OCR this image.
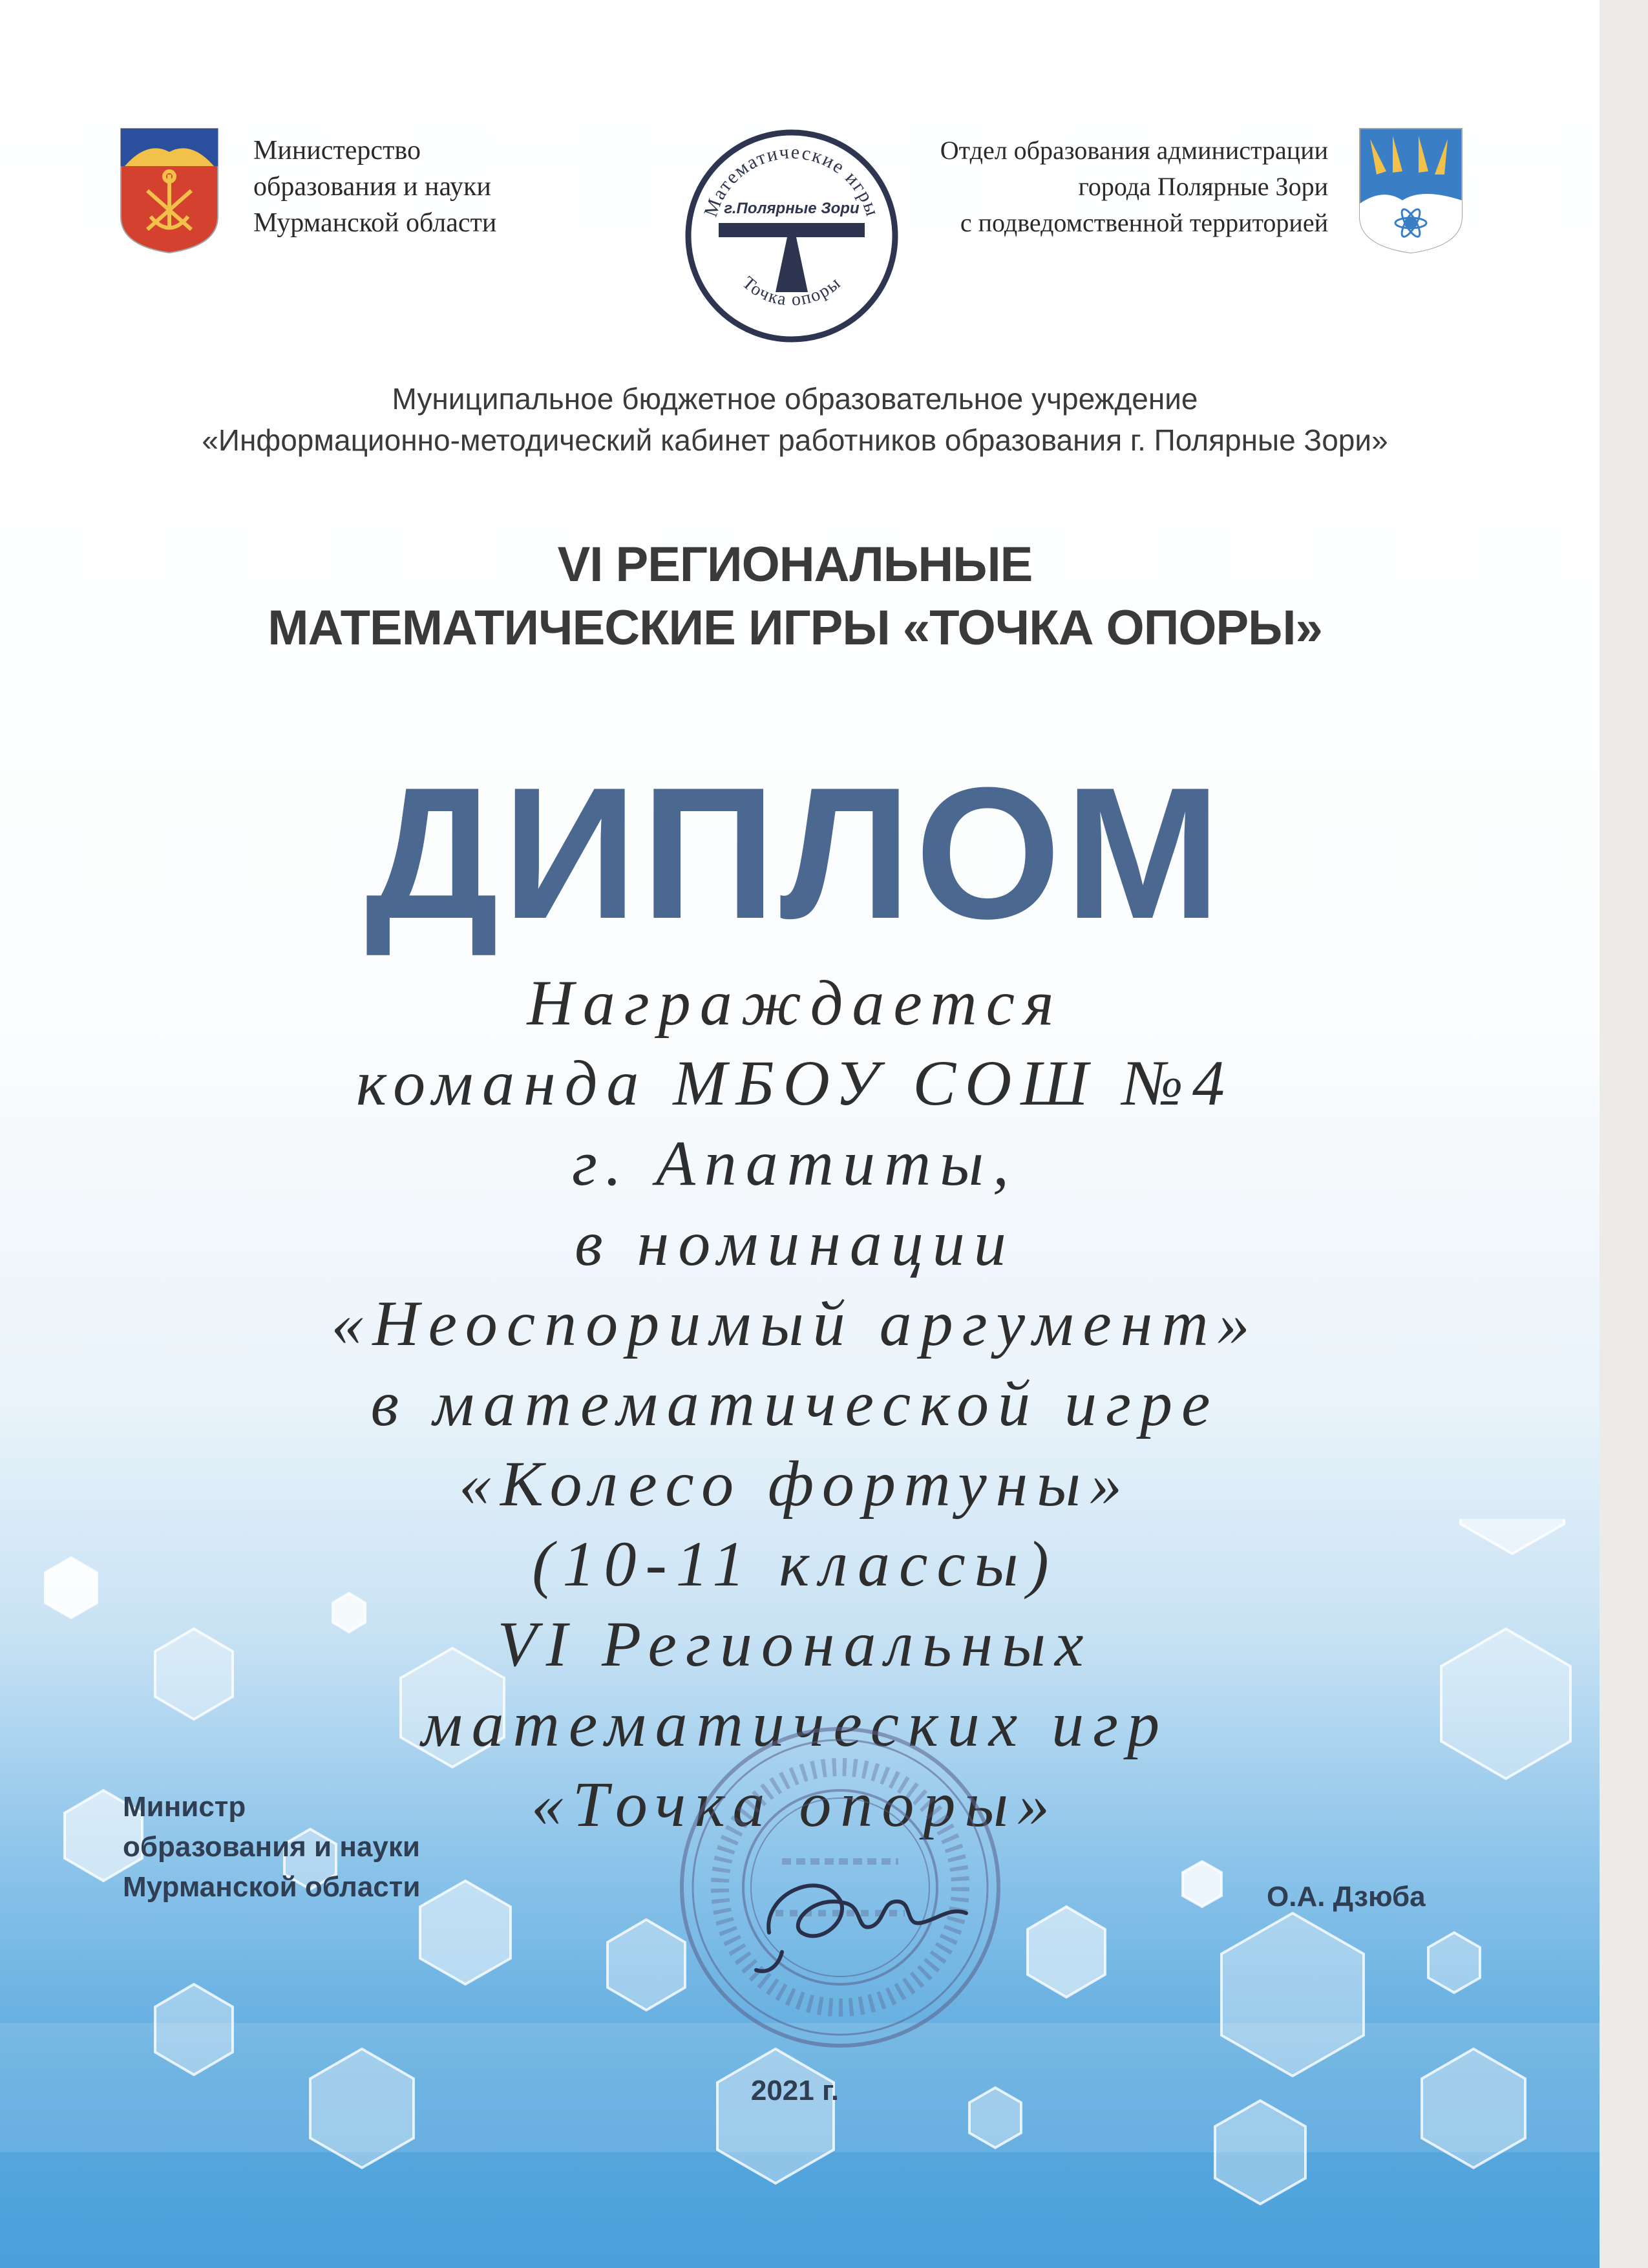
Министерство
образования и науки
Мурманской области
Математические игры
г.Полярные Зори
Точка опоры
Отдел образования администрации
города Полярные Зори
с подведомственной территорией
Муниципальное бюджетное образовательное учреждение
«Информационно-методический кабинет работников образования г. Полярные Зори»
VI РЕГИОНАЛЬНЫЕ
МАТЕМАТИЧЕСКИЕ ИГРЫ «ТОЧКА ОПОРЫ»
ДИПЛОМ
Награждается
команда МБОУ СОШ №4
г. Апатиты,
в номинации
«Неоспоримый аргумент»
в математической игре
«Колесо фортуны»
(10-11 классы)
VI Региональных
математических игр
«Точка опоры»
Министр
образования и науки
Мурманской области	О.А. Дзюба
2021 г.
